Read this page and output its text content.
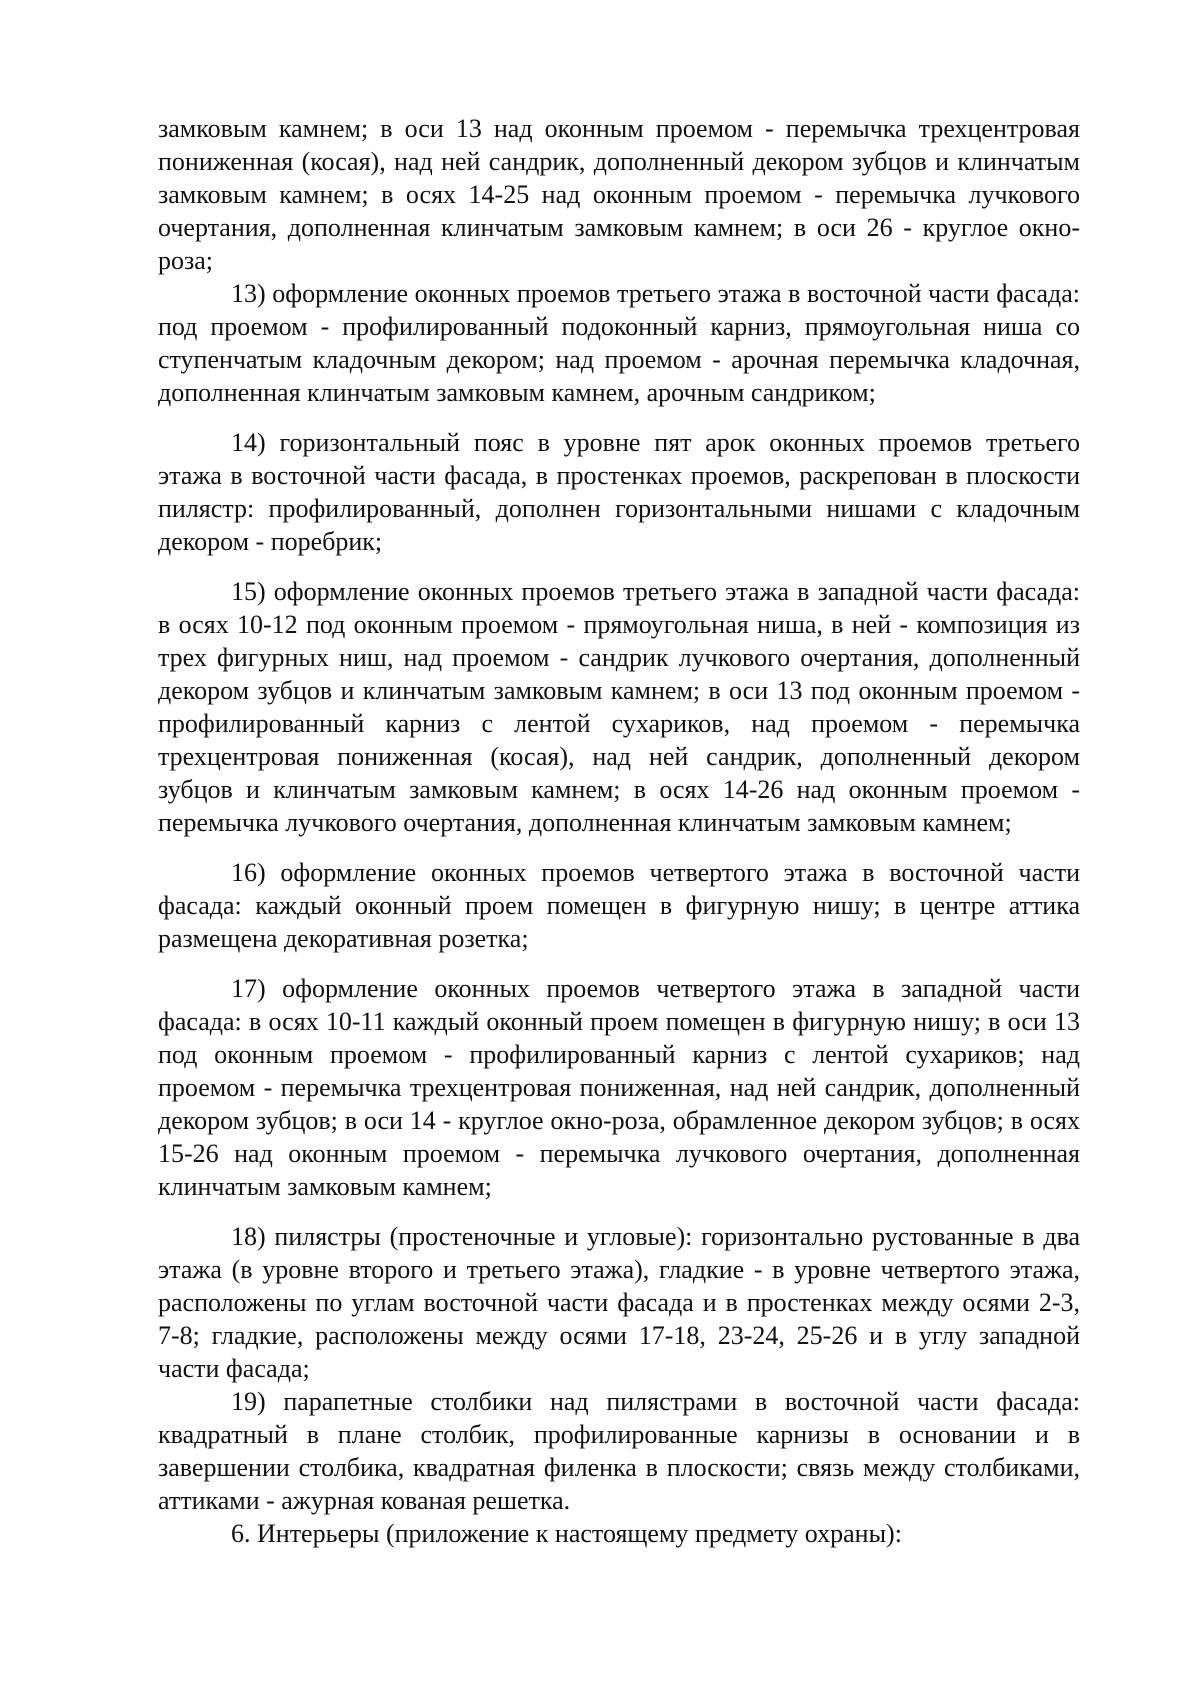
замковым камнем; в оси 13 над оконным проемом - перемычка трехцентровая пониженная (косая), над ней сандрик, дополненный декором зубцов и клинчатым замковым камнем; в осях 14-25 над оконным проемом - перемычка лучкового очертания, дополненная клинчатым замковым камнем; в оси 26 - круглое окно-роза;

13) оформление оконных проемов третьего этажа в восточной части фасада: под проемом - профилированный подоконный карниз, прямоугольная ниша со ступенчатым кладочным декором; над проемом - арочная перемычка кладочная, дополненная клинчатым замковым камнем, арочным сандриком;

14) горизонтальный пояс в уровне пят арок оконных проемов третьего этажа в восточной части фасада, в простенках проемов, раскрепован в плоскости пилястр: профилированный, дополнен горизонтальными нишами с кладочным декором - поребрик;

15) оформление оконных проемов третьего этажа в западной части фасада: в осях 10-12 под оконным проемом - прямоугольная ниша, в ней - композиция из трех фигурных ниш, над проемом - сандрик лучкового очертания, дополненный декором зубцов и клинчатым замковым камнем; в оси 13 под оконным проемом - профилированный карниз с лентой сухариков, над проемом - перемычка трехцентровая пониженная (косая), над ней сандрик, дополненный декором зубцов и клинчатым замковым камнем; в осях 14-26 над оконным проемом - перемычка лучкового очертания, дополненная клинчатым замковым камнем;

16) оформление оконных проемов четвертого этажа в восточной части фасада: каждый оконный проем помещен в фигурную нишу; в центре аттика размещена декоративная розетка;

17) оформление оконных проемов четвертого этажа в западной части фасада: в осях 10-11 каждый оконный проем помещен в фигурную нишу; в оси 13 под оконным проемом - профилированный карниз с лентой сухариков; над проемом - перемычка трехцентровая пониженная, над ней сандрик, дополненный декором зубцов; в оси 14 - круглое окно-роза, обрамленное декором зубцов; в осях 15-26 над оконным проемом - перемычка лучкового очертания, дополненная клинчатым замковым камнем;

18) пилястры (простеночные и угловые): горизонтально рустованные в два этажа (в уровне второго и третьего этажа), гладкие - в уровне четвертого этажа, расположены по углам восточной части фасада и в простенках между осями 2-3, 7-8; гладкие, расположены между осями 17-18, 23-24, 25-26 и в углу западной части фасада;

19) парапетные столбики над пилястрами в восточной части фасада: квадратный в плане столбик, профилированные карнизы в основании и в завершении столбика, квадратная филенка в плоскости; связь между столбиками, аттиками - ажурная кованая решетка.

6. Интерьеры (приложение к настоящему предмету охраны):
